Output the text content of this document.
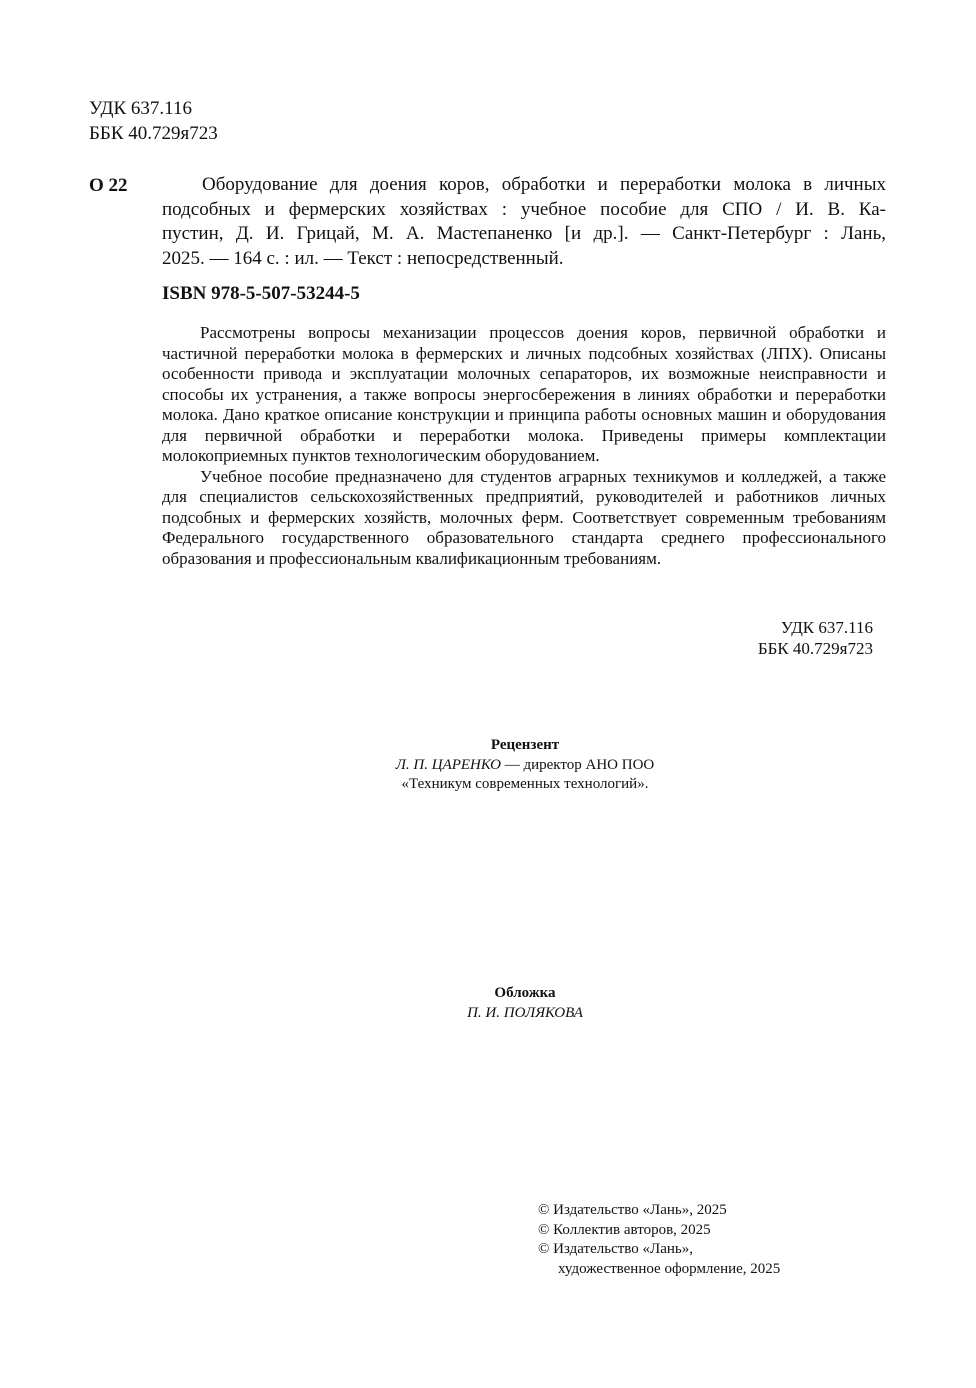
УДК 637.116
ББК 40.729я723
О 22	Оборудование для доения коров, обработки и переработки молока в личных подсобных и фермерских хозяйствах : учебное пособие для СПО / И. В. Ка- пустин, Д. И. Грицай, М. А. Мастепаненко [и др.]. — Санкт-Петербург : Лань, 2025. — 164 с. : ил. — Текст : непосредственный.

ISBN 978-5-507-53244-5

Рассмотрены вопросы механизации процессов доения коров, первичной обработки и частичной переработки молока в фермерских и личных подсобных хозяйствах (ЛПХ). Описаны особенности привода и эксплуатации молочных сепараторов, их возможные неисправности и способы их устранения, а также вопросы энергосбережения в линиях обработки и переработки молока. Дано краткое описание конструкции и принципа работы основных машин и оборудования для первичной обработки и переработки молока. Приведены примеры комплектации молокоприемных пунктов технологическим оборудованием.

Учебное пособие предназначено для студентов аграрных техникумов и колледжей, а также для специалистов сельскохозяйственных предприятий, руководителей и работников личных подсобных и фермерских хозяйств, молочных ферм. Соответствует современным требованиям Федерального государственного образовательного стандарта среднего профессионального образования и профессиональным квалификационным требованиям.

УДК 637.116
ББК 40.729я723
Рецензент
Л. П. ЦАРЕНКО — директор АНО ПОО
«Техникум современных технологий».
Обложка
П. И. ПОЛЯКОВА
© Издательство «Лань», 2025
© Коллектив авторов, 2025
© Издательство «Лань»,
художественное оформление, 2025
